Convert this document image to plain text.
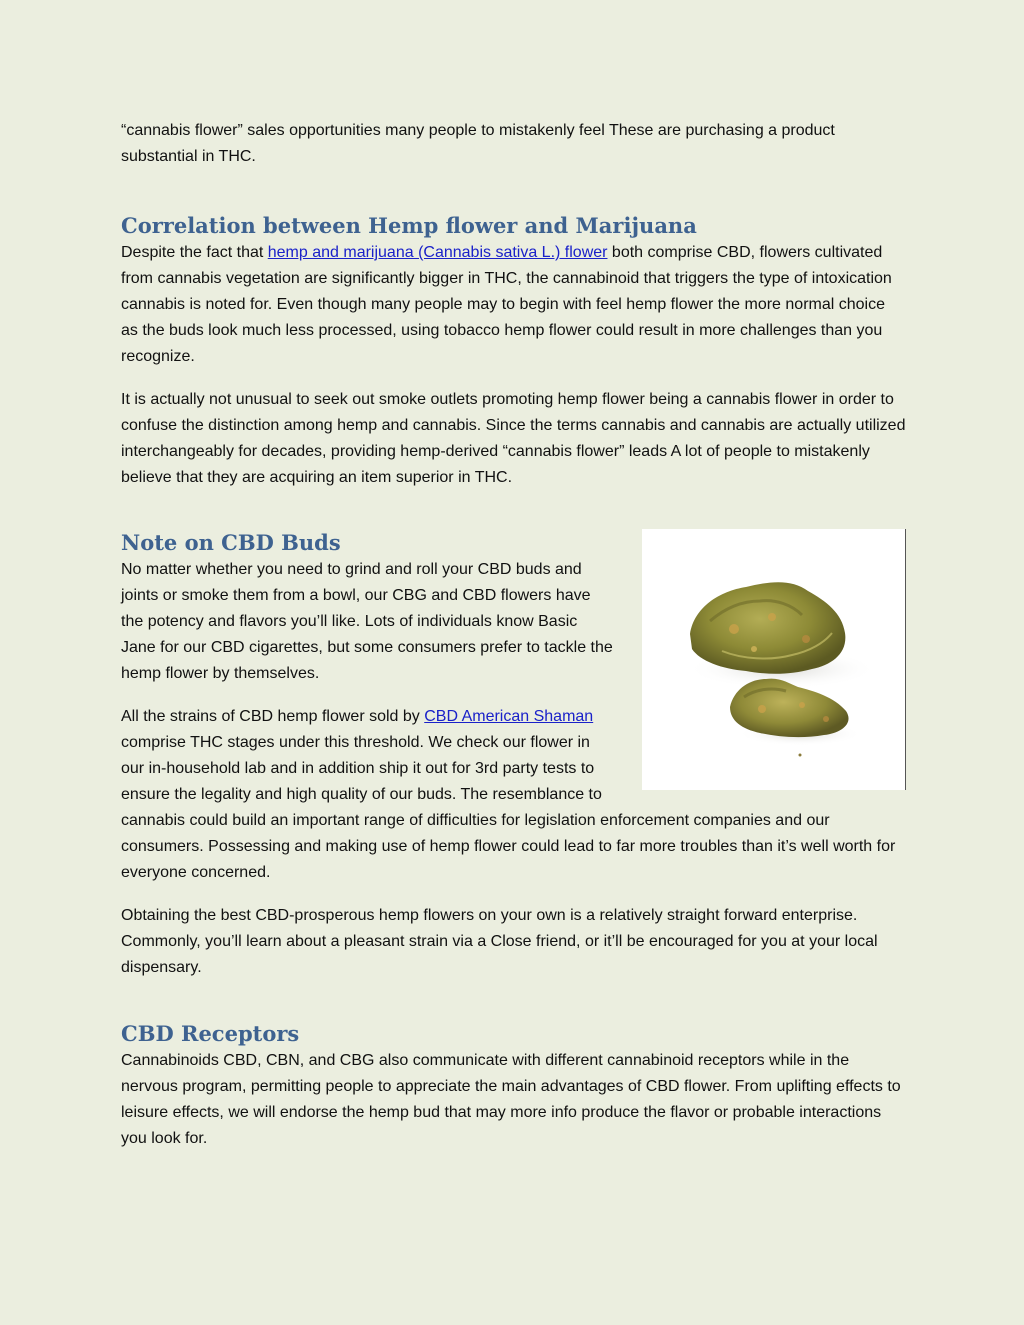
“cannabis flower” sales opportunities many people to mistakenly feel These are purchasing a product substantial in THC.

Correlation between Hemp flower and Marijuana

Despite the fact that hemp and marijuana (Cannabis sativa L.) flower both comprise CBD, flowers cultivated from cannabis vegetation are significantly bigger in THC, the cannabinoid that triggers the type of intoxication cannabis is noted for. Even though many people may to begin with feel hemp flower the more normal choice as the buds look much less processed, using tobacco hemp flower could result in more challenges than you recognize.

It is actually not unusual to seek out smoke outlets promoting hemp flower being a cannabis flower in order to confuse the distinction among hemp and cannabis. Since the terms cannabis and cannabis are actually utilized interchangeably for decades, providing hemp-derived “cannabis flower” leads A lot of people to mistakenly believe that they are acquiring an item superior in THC.

Note on CBD Buds

No matter whether you need to grind and roll your CBD buds and joints or smoke them from a bowl, our CBG and CBD flowers have the potency and flavors you’ll like. Lots of individuals know Basic Jane for our CBD cigarettes, but some consumers prefer to tackle the hemp flower by themselves.

All the strains of CBD hemp flower sold by CBD American Shaman comprise THC stages under this threshold. We check our flower in our in-household lab and in addition ship it out for 3rd party tests to ensure the legality and high quality of our buds. The resemblance to cannabis could build an important range of difficulties for legislation enforcement companies and our consumers. Possessing and making use of hemp flower could lead to far more troubles than it’s well worth for everyone concerned.

Obtaining the best CBD-prosperous hemp flowers on your own is a relatively straight forward enterprise. Commonly, you’ll learn about a pleasant strain via a Close friend, or it’ll be encouraged for you at your local dispensary.

CBD Receptors

Cannabinoids CBD, CBN, and CBG also communicate with different cannabinoid receptors while in the nervous program, permitting people to appreciate the main advantages of CBD flower. From uplifting effects to leisure effects, we will endorse the hemp bud that may more info produce the flavor or probable interactions you look for.
